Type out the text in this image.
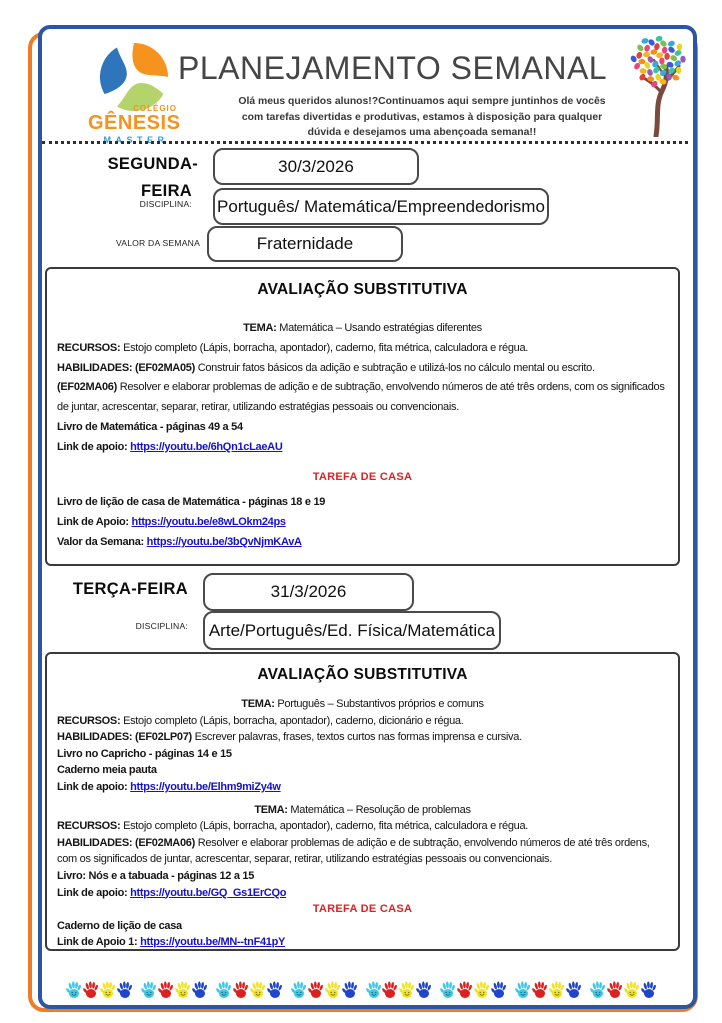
COLÉGIO
GÊNESIS
MASTER
PLANEJAMENTO SEMANAL
Olá meus queridos alunos!?Continuamos aqui sempre juntinhos de vocês com tarefas divertidas e produtivas, estamos à disposição para qualquer dúvida e desejamos uma abençoada semana!!
SEGUNDA-
FEIRA
DISCIPLINA:
30/3/2026
Português/ Matemática/Empreendedorismo
VALOR DA SEMANA	Fraternidade
AVALIAÇÃO SUBSTITUTIVA
TEMA: Matemática – Usando estratégias diferentes
RECURSOS: Estojo completo (Lápis, borracha, apontador), caderno, fita métrica, calculadora e régua.
HABILIDADES: (EF02MA05) Construir fatos básicos da adição e subtração e utilizá-los no cálculo mental ou escrito.
(EF02MA06) Resolver e elaborar problemas de adição e de subtração, envolvendo números de até três ordens, com os significados de juntar, acrescentar, separar, retirar, utilizando estratégias pessoais ou convencionais.
Livro de Matemática - páginas 49 a 54
Link de apoio: https://youtu.be/6hQn1cLaeAU
TAREFA DE CASA
Livro de lição de casa de Matemática - páginas 18 e 19
Link de Apoio: https://youtu.be/e8wLOkm24ps
Valor da Semana: https://youtu.be/3bQvNjmKAvA
TERÇA-FEIRA	31/3/2026
DISCIPLINA: Arte/Português/Ed. Física/Matemática
AVALIAÇÃO SUBSTITUTIVA
TEMA: Português – Substantivos próprios e comuns
RECURSOS: Estojo completo (Lápis, borracha, apontador), caderno, dicionário e régua.
HABILIDADES: (EF02LP07) Escrever palavras, frases, textos curtos nas formas imprensa e cursiva.
Livro no Capricho - páginas 14 e 15
Caderno meia pauta
Link de apoio: https://youtu.be/Elhm9miZy4w
TEMA: Matemática – Resolução de problemas
RECURSOS: Estojo completo (Lápis, borracha, apontador), caderno, fita métrica, calculadora e régua.
HABILIDADES: (EF02MA06) Resolver e elaborar problemas de adição e de subtração, envolvendo números de até três ordens, com os significados de juntar, acrescentar, separar, retirar, utilizando estratégias pessoais ou convencionais.
Livro: Nós e a tabuada - páginas 12 a 15
Link de apoio: https://youtu.be/GQ_Gs1ErCQo
TAREFA DE CASA
Caderno de lição de casa
Link de Apoio 1: https://youtu.be/MN--tnF41pY
